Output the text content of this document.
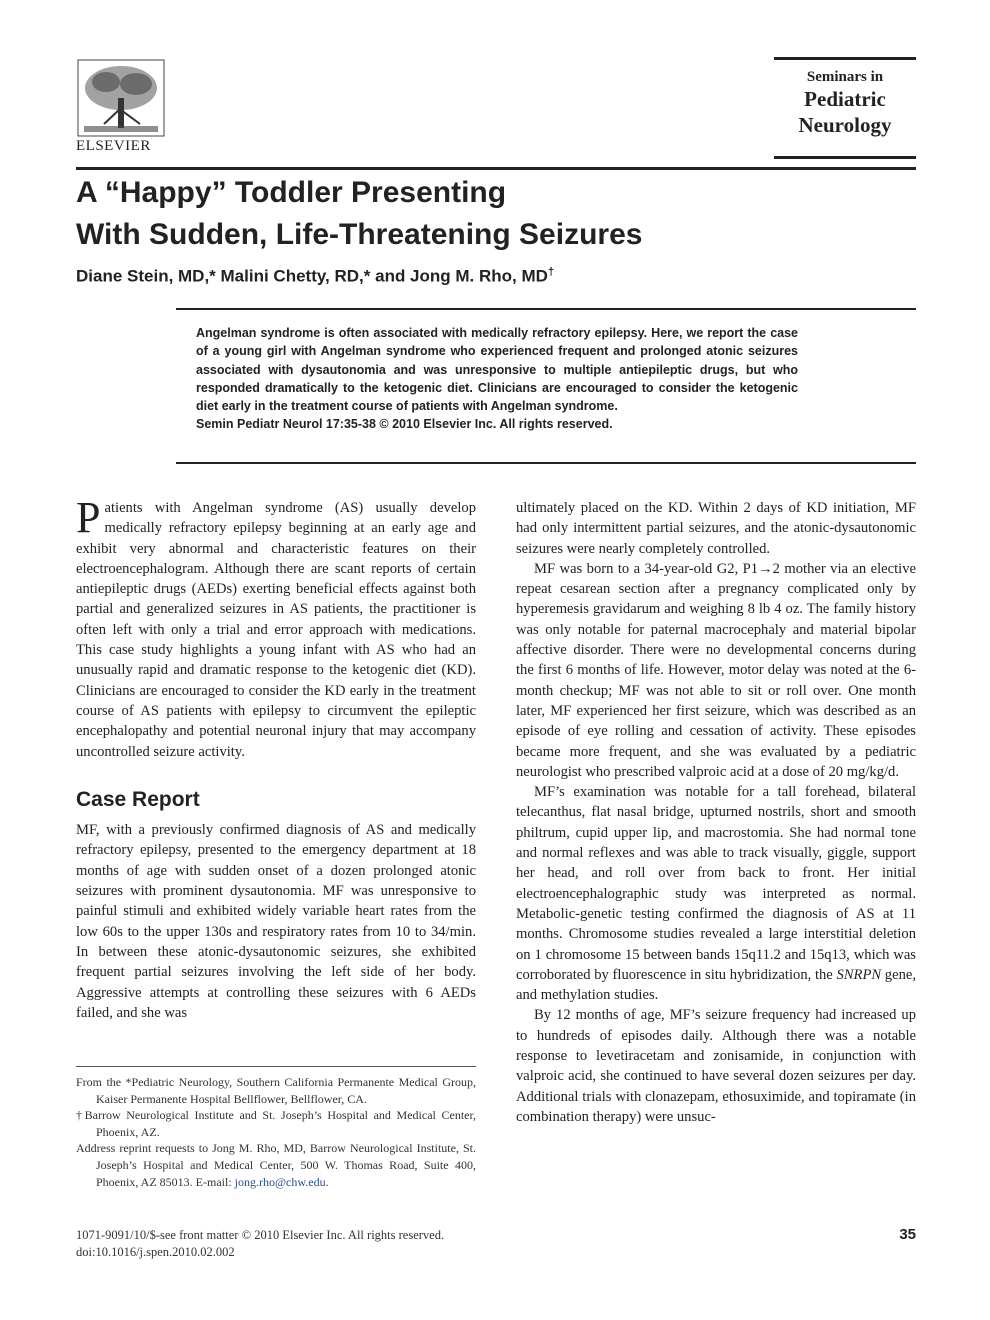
ELSEVIER
Seminars in
Pediatric
Neurology
A “Happy” Toddler Presenting
With Sudden, Life-Threatening Seizures
Diane Stein, MD,* Malini Chetty, RD,* and Jong M. Rho, MD†
Angelman syndrome is often associated with medically refractory epilepsy. Here, we report the case of a young girl with Angelman syndrome who experienced frequent and prolonged atonic seizures associated with dysautonomia and was unresponsive to multiple antiepileptic drugs, but who responded dramatically to the ketogenic diet. Clinicians are encouraged to consider the ketogenic diet early in the treatment course of patients with Angelman syndrome.
Semin Pediatr Neurol 17:35-38 © 2010 Elsevier Inc. All rights reserved.

Patients with Angelman syndrome (AS) usually develop medically refractory epilepsy beginning at an early age and exhibit very abnormal and characteristic features on their electroencephalogram. Although there are scant reports of certain antiepileptic drugs (AEDs) exerting beneficial effects against both partial and generalized seizures in AS patients, the practitioner is often left with only a trial and error approach with medications. This case study highlights a young infant with AS who had an unusually rapid and dramatic response to the ketogenic diet (KD). Clinicians are encouraged to consider the KD early in the treatment course of AS patients with epilepsy to circumvent the epileptic encephalopathy and potential neuronal injury that may accompany uncontrolled seizure activity.

Case Report

MF, with a previously confirmed diagnosis of AS and medically refractory epilepsy, presented to the emergency department at 18 months of age with sudden onset of a dozen prolonged atonic seizures with prominent dysautonomia. MF was unresponsive to painful stimuli and exhibited widely variable heart rates from the low 60s to the upper 130s and respiratory rates from 10 to 34/min. In between these atonic-dysautonomic seizures, she exhibited frequent partial seizures involving the left side of her body. Aggressive attempts at controlling these seizures with 6 AEDs failed, and she was

From the *Pediatric Neurology, Southern California Permanente Medical Group, Kaiser Permanente Hospital Bellflower, Bellflower, CA.

†Barrow Neurological Institute and St. Joseph’s Hospital and Medical Center, Phoenix, AZ.

Address reprint requests to Jong M. Rho, MD, Barrow Neurological Institute, St. Joseph’s Hospital and Medical Center, 500 W. Thomas Road, Suite 400, Phoenix, AZ 85013. E-mail: jong.rho@chw.edu.

ultimately placed on the KD. Within 2 days of KD initiation, MF had only intermittent partial seizures, and the atonic-dysautonomic seizures were nearly completely controlled.

MF was born to a 34-year-old G2, P1→2 mother via an elective repeat cesarean section after a pregnancy complicated only by hyperemesis gravidarum and weighing 8 lb 4 oz. The family history was only notable for paternal macrocephaly and material bipolar affective disorder. There were no developmental concerns during the first 6 months of life. However, motor delay was noted at the 6-month checkup; MF was not able to sit or roll over. One month later, MF experienced her first seizure, which was described as an episode of eye rolling and cessation of activity. These episodes became more frequent, and she was evaluated by a pediatric neurologist who prescribed valproic acid at a dose of 20 mg/kg/d.

MF’s examination was notable for a tall forehead, bilateral telecanthus, flat nasal bridge, upturned nostrils, short and smooth philtrum, cupid upper lip, and macrostomia. She had normal tone and normal reflexes and was able to track visually, giggle, support her head, and roll over from back to front. Her initial electroencephalographic study was interpreted as normal. Metabolic-genetic testing confirmed the diagnosis of AS at 11 months. Chromosome studies revealed a large interstitial deletion on 1 chromosome 15 between bands 15q11.2 and 15q13, which was corroborated by fluorescence in situ hybridization, the SNRPN gene, and methylation studies.

By 12 months of age, MF’s seizure frequency had increased up to hundreds of episodes daily. Although there was a notable response to levetiracetam and zonisamide, in conjunction with valproic acid, she continued to have several dozen seizures per day. Additional trials with clonazepam, ethosuximide, and topiramate (in combination therapy) were unsuc-

1071-9091/10/$-see front matter © 2010 Elsevier Inc. All rights reserved.
doi:10.1016/j.spen.2010.02.002
35
